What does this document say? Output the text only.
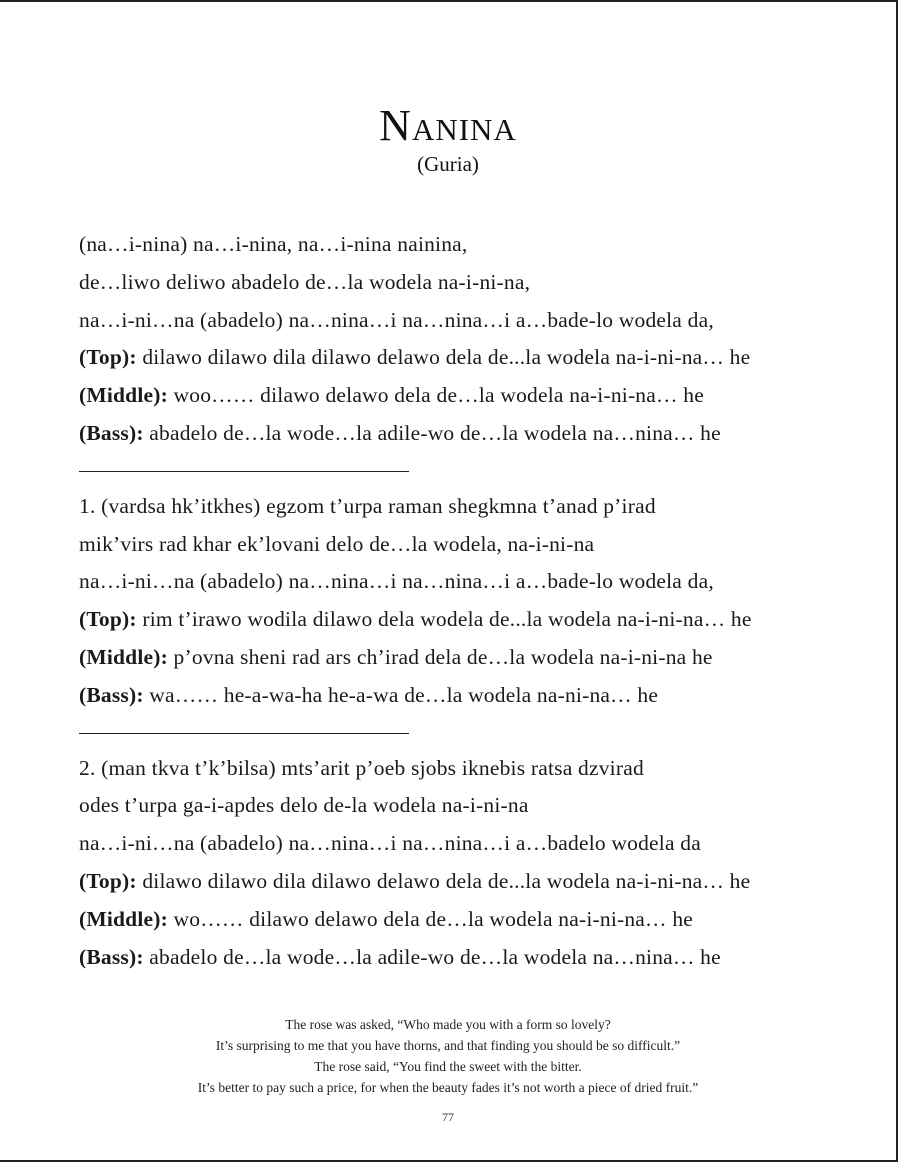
Nanina
(Guria)
(na…i-nina) na…i-nina, na…i-nina nainina,
de…liwo deliwo abadelo de…la wodela na-i-ni-na,
na…i-ni…na (abadelo) na…nina…i na…nina…i a…bade-lo wodela da,
(Top): dilawo dilawo dila dilawo delawo dela de...la wodela na-i-ni-na… he
(Middle): woo…… dilawo delawo dela de…la wodela na-i-ni-na… he
(Bass): abadelo de…la wode…la adile-wo de…la wodela na…nina… he
1. (vardsa hk’itkhes) egzom t’urpa raman shegkmna t’anad p’irad
mik’virs rad khar ek’lovani delo de…la wodela, na-i-ni-na
na…i-ni…na (abadelo) na…nina…i na…nina…i a…bade-lo wodela da,
(Top): rim t’irawo wodila dilawo dela wodela de...la wodela na-i-ni-na… he
(Middle): p’ovna sheni rad ars ch’irad dela de…la wodela na-i-ni-na he
(Bass): wa…… he-a-wa-ha he-a-wa de…la wodela na-ni-na… he
2. (man tkva t’k’bilsa) mts’arit p’oeb sjobs iknebis ratsa dzvirad
odes t’urpa ga-i-apdes delo de-la wodela na-i-ni-na
na…i-ni…na (abadelo) na…nina…i na…nina…i a…badelo wodela da
(Top): dilawo dilawo dila dilawo delawo dela de...la wodela na-i-ni-na… he
(Middle): wo…… dilawo delawo dela de…la wodela na-i-ni-na… he
(Bass): abadelo de…la wode…la adile-wo de…la wodela na…nina… he
The rose was asked, “Who made you with a form so lovely?
It’s surprising to me that you have thorns, and that finding you should be so difficult.”
The rose said, “You find the sweet with the bitter.
It’s better to pay such a price, for when the beauty fades it’s not worth a piece of dried fruit.”
77
